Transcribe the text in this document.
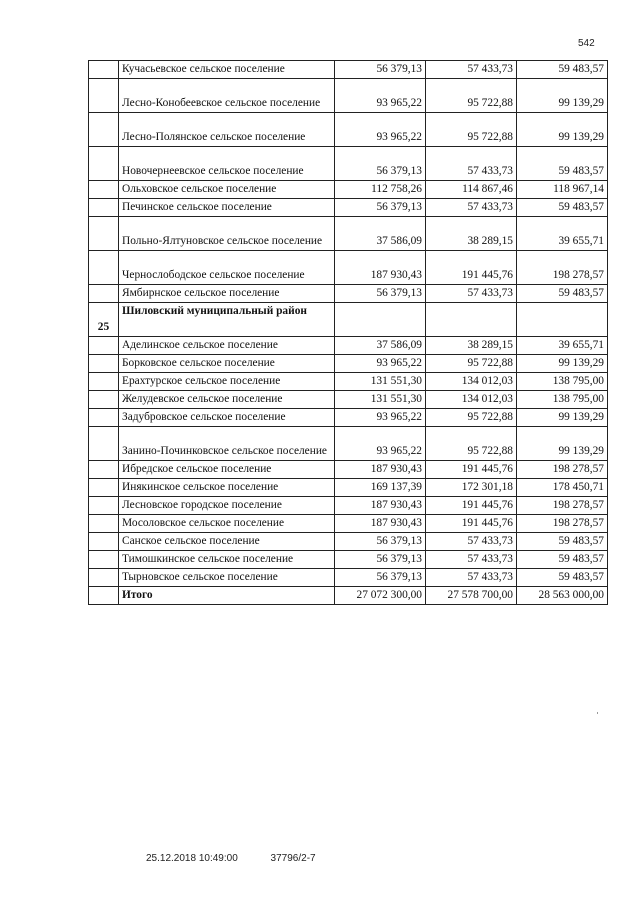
542
	Кучасьевское сельское поселение	56 379,13	57 433,73	59 483,57
	Лесно-Конобеевское сельское поселение	93 965,22	95 722,88	99 139,29
	Лесно-Полянское сельское поселение	93 965,22	95 722,88	99 139,29
	Новочернеевское сельское поселение	56 379,13	57 433,73	59 483,57
	Ольховское сельское поселение	112 758,26	114 867,46	118 967,14
	Печинское сельское поселение	56 379,13	57 433,73	59 483,57
	Польно-Ялтуновское сельское поселение	37 586,09	38 289,15	39 655,71
	Чернослободское сельское поселение	187 930,43	191 445,76	198 278,57
	Ямбирнское сельское поселение	56 379,13	57 433,73	59 483,57
25	Шиловский муниципальный район			
	Аделинское сельское поселение	37 586,09	38 289,15	39 655,71
	Борковское сельское поселение	93 965,22	95 722,88	99 139,29
	Ерахтурское сельское поселение	131 551,30	134 012,03	138 795,00
	Желудевское сельское поселение	131 551,30	134 012,03	138 795,00
	Задубровское сельское поселение	93 965,22	95 722,88	99 139,29
	Занино-Починковское сельское поселение	93 965,22	95 722,88	99 139,29
	Ибредское сельское поселение	187 930,43	191 445,76	198 278,57
	Инякинское сельское поселение	169 137,39	172 301,18	178 450,71
	Лесновское городское поселение	187 930,43	191 445,76	198 278,57
	Мосоловское сельское поселение	187 930,43	191 445,76	198 278,57
	Санское сельское поселение	56 379,13	57 433,73	59 483,57
	Тимошкинское сельское поселение	56 379,13	57 433,73	59 483,57
	Тырновское сельское поселение	56 379,13	57 433,73	59 483,57
	Итого	27 072 300,00	27 578 700,00	28 563 000,00
25.12.2018 10:49:00	37796/2-7
